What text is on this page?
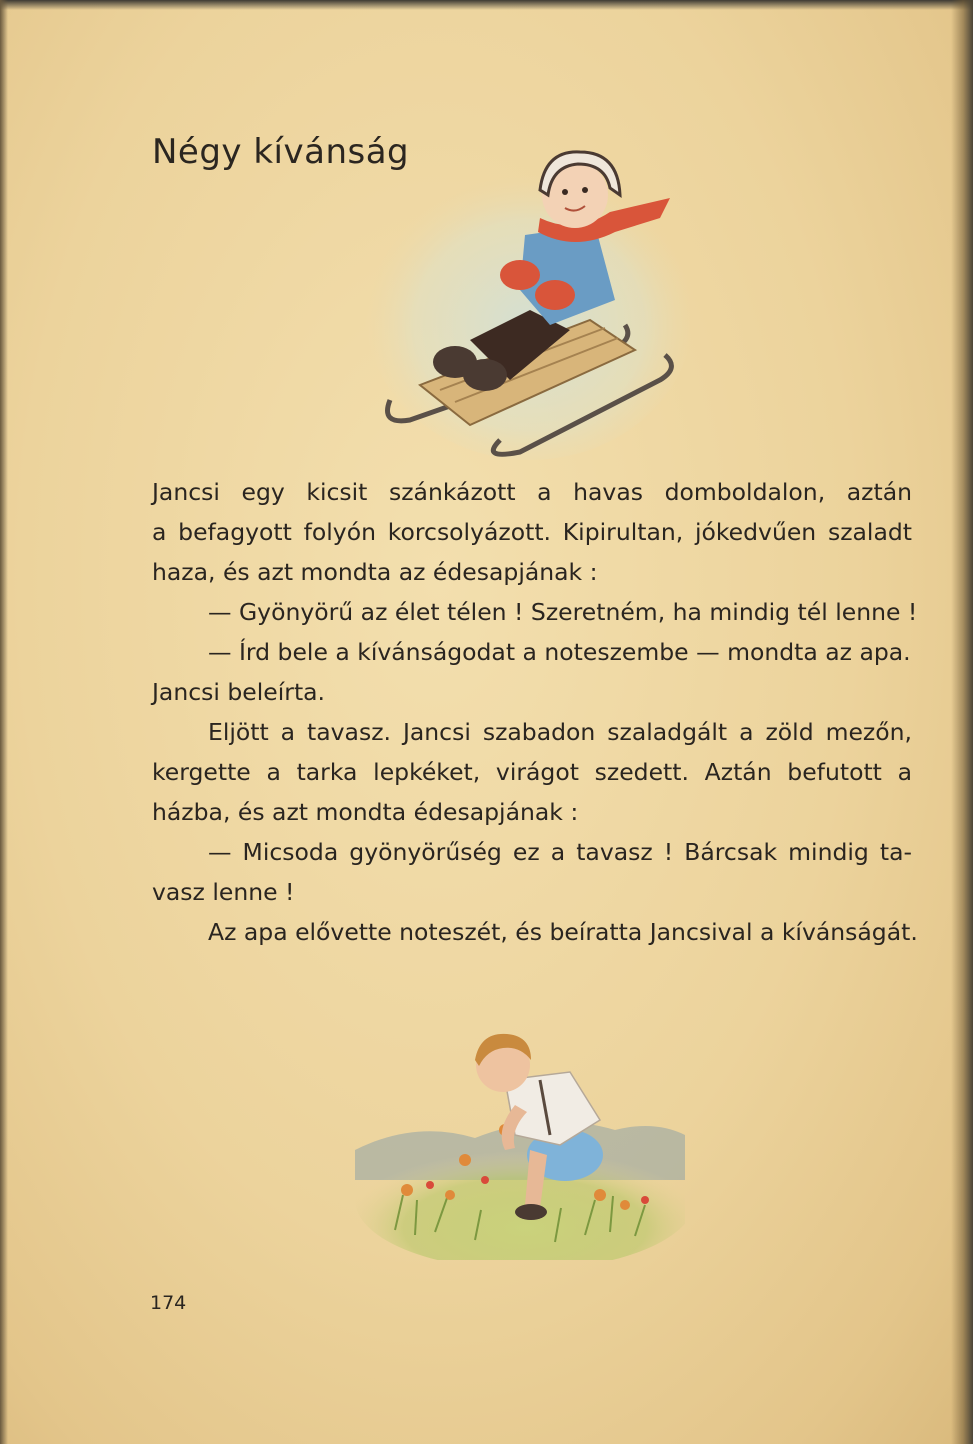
Négy kívánság

Jancsi egy kicsit szánkázott a havas domboldalon, aztán

a befagyott folyón korcsolyázott. Kipirultan, jókedvűen szaladt

haza, és azt mondta az édesapjának :

— Gyönyörű az élet télen ! Szeretném, ha mindig tél lenne !

— Írd bele a kívánságodat a noteszembe — mondta az apa.

Jancsi beleírta.

Eljött a tavasz. Jancsi szabadon szaladgált a zöld mezőn,

kergette a tarka lepkéket, virágot szedett. Aztán befutott a

házba, és azt mondta édesapjának :

— Micsoda gyönyörűség ez a tavasz ! Bárcsak mindig ta-

vasz lenne !

Az apa elővette noteszét, és beíratta Jancsival a kívánságát.

174
